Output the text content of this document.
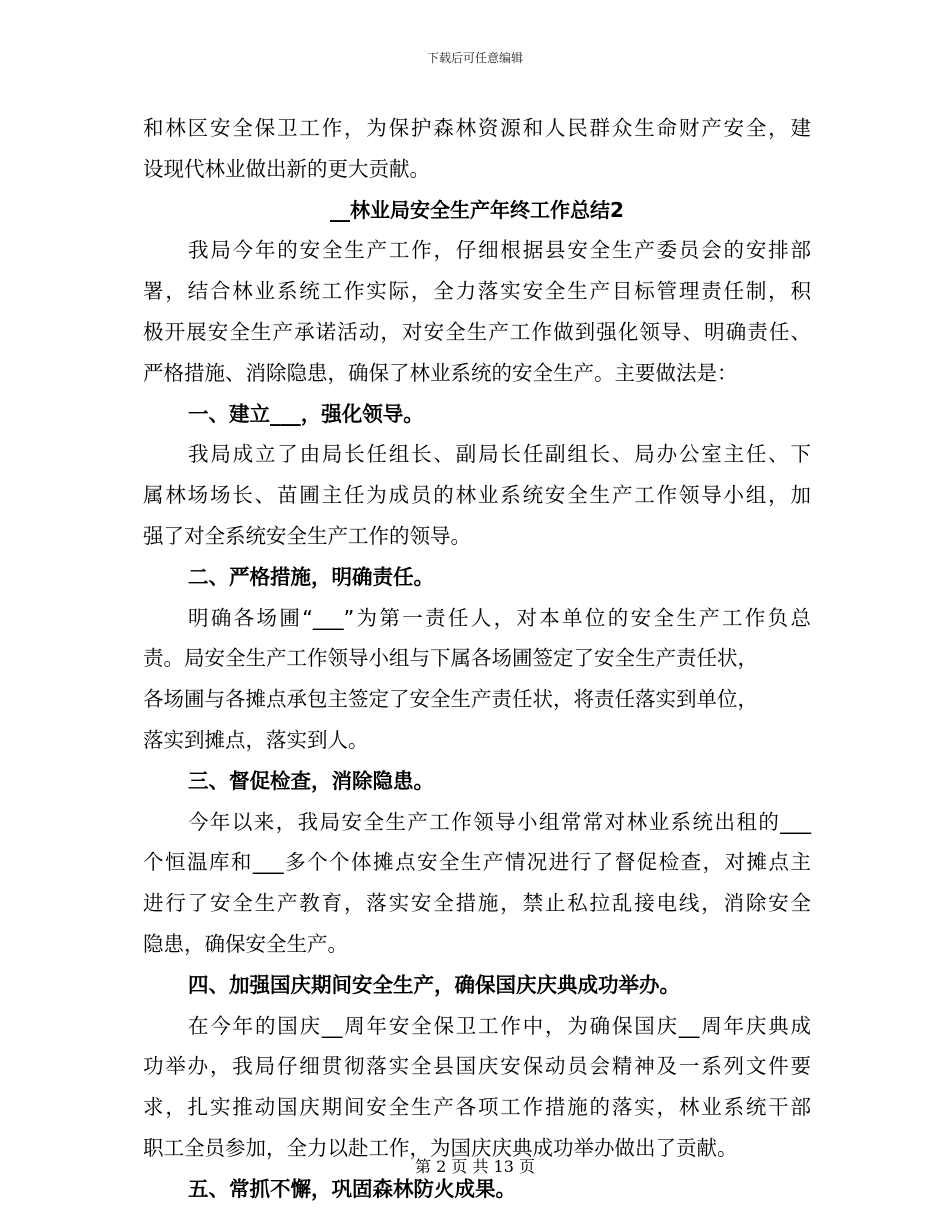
下载后可任意编辑
和林区安全保卫工作，为保护森林资源和人民群众生命财产安全，建
设现代林业做出新的更大贡献。
__林业局安全生产年终工作总结2
我局今年的安全生产工作，仔细根据县安全生产委员会的安排部
署，结合林业系统工作实际，全力落实安全生产目标管理责任制，积
极开展安全生产承诺活动，对安全生产工作做到强化领导、明确责任、
严格措施、消除隐患，确保了林业系统的安全生产。主要做法是：
一、建立___，强化领导。
我局成立了由局长任组长、副局长任副组长、局办公室主任、下
属林场场长、苗圃主任为成员的林业系统安全生产工作领导小组，加
强了对全系统安全生产工作的领导。
二、严格措施，明确责任。
明确各场圃“___”为第一责任人，对本单位的安全生产工作负总
责。局安全生产工作领导小组与下属各场圃签定了安全生产责任状，
各场圃与各摊点承包主签定了安全生产责任状，将责任落实到单位，
落实到摊点，落实到人。
三、督促检查，消除隐患。
今年以来，我局安全生产工作领导小组常常对林业系统出租的___
个恒温库和___多个个体摊点安全生产情况进行了督促检查，对摊点主
进行了安全生产教育，落实安全措施，禁止私拉乱接电线，消除安全
隐患，确保安全生产。
四、加强国庆期间安全生产，确保国庆庆典成功举办。
在今年的国庆__周年安全保卫工作中，为确保国庆__周年庆典成
功举办，我局仔细贯彻落实全县国庆安保动员会精神及一系列文件要
求，扎实推动国庆期间安全生产各项工作措施的落实，林业系统干部
职工全员参加，全力以赴工作，为国庆庆典成功举办做出了贡献。
五、常抓不懈，巩固森林防火成果。
第 2 页 共 13 页
